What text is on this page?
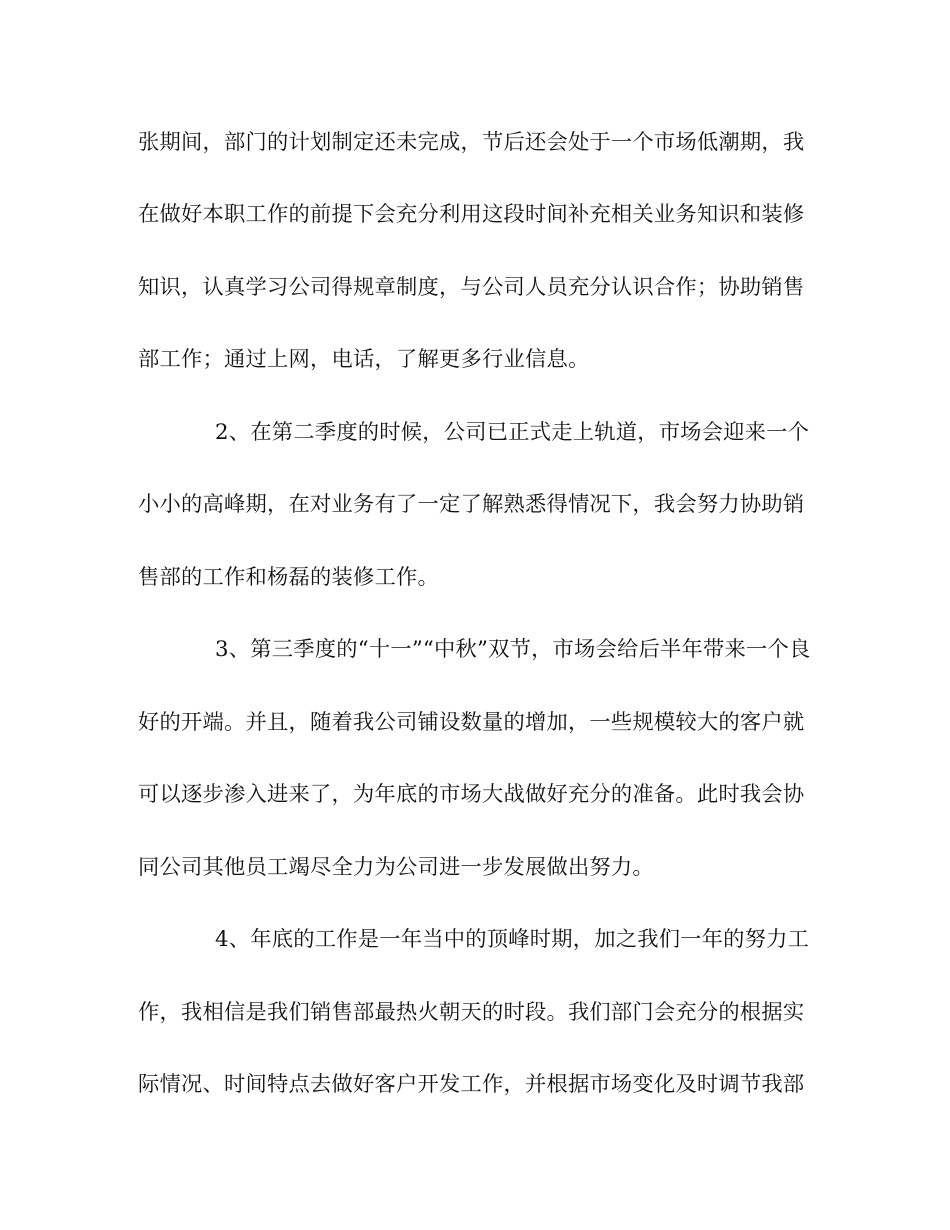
张期间，部门的计划制定还未完成，节后还会处于一个市场低潮期，我
在做好本职工作的前提下会充分利用这段时间补充相关业务知识和装修
知识，认真学习公司得规章制度，与公司人员充分认识合作；协助销售
部工作；通过上网，电话，了解更多行业信息。
2、在第二季度的时候，公司已正式走上轨道，市场会迎来一个
小小的高峰期，在对业务有了一定了解熟悉得情况下，我会努力协助销
售部的工作和杨磊的装修工作。
3、第三季度的“十一”“中秋”双节，市场会给后半年带来一个良
好的开端。并且，随着我公司铺设数量的增加，一些规模较大的客户就
可以逐步渗入进来了，为年底的市场大战做好充分的准备。此时我会协
同公司其他员工竭尽全力为公司进一步发展做出努力。
4、年底的工作是一年当中的顶峰时期，加之我们一年的努力工
作，我相信是我们销售部最热火朝天的时段。我们部门会充分的根据实
际情况、时间特点去做好客户开发工作，并根据市场变化及时调节我部
